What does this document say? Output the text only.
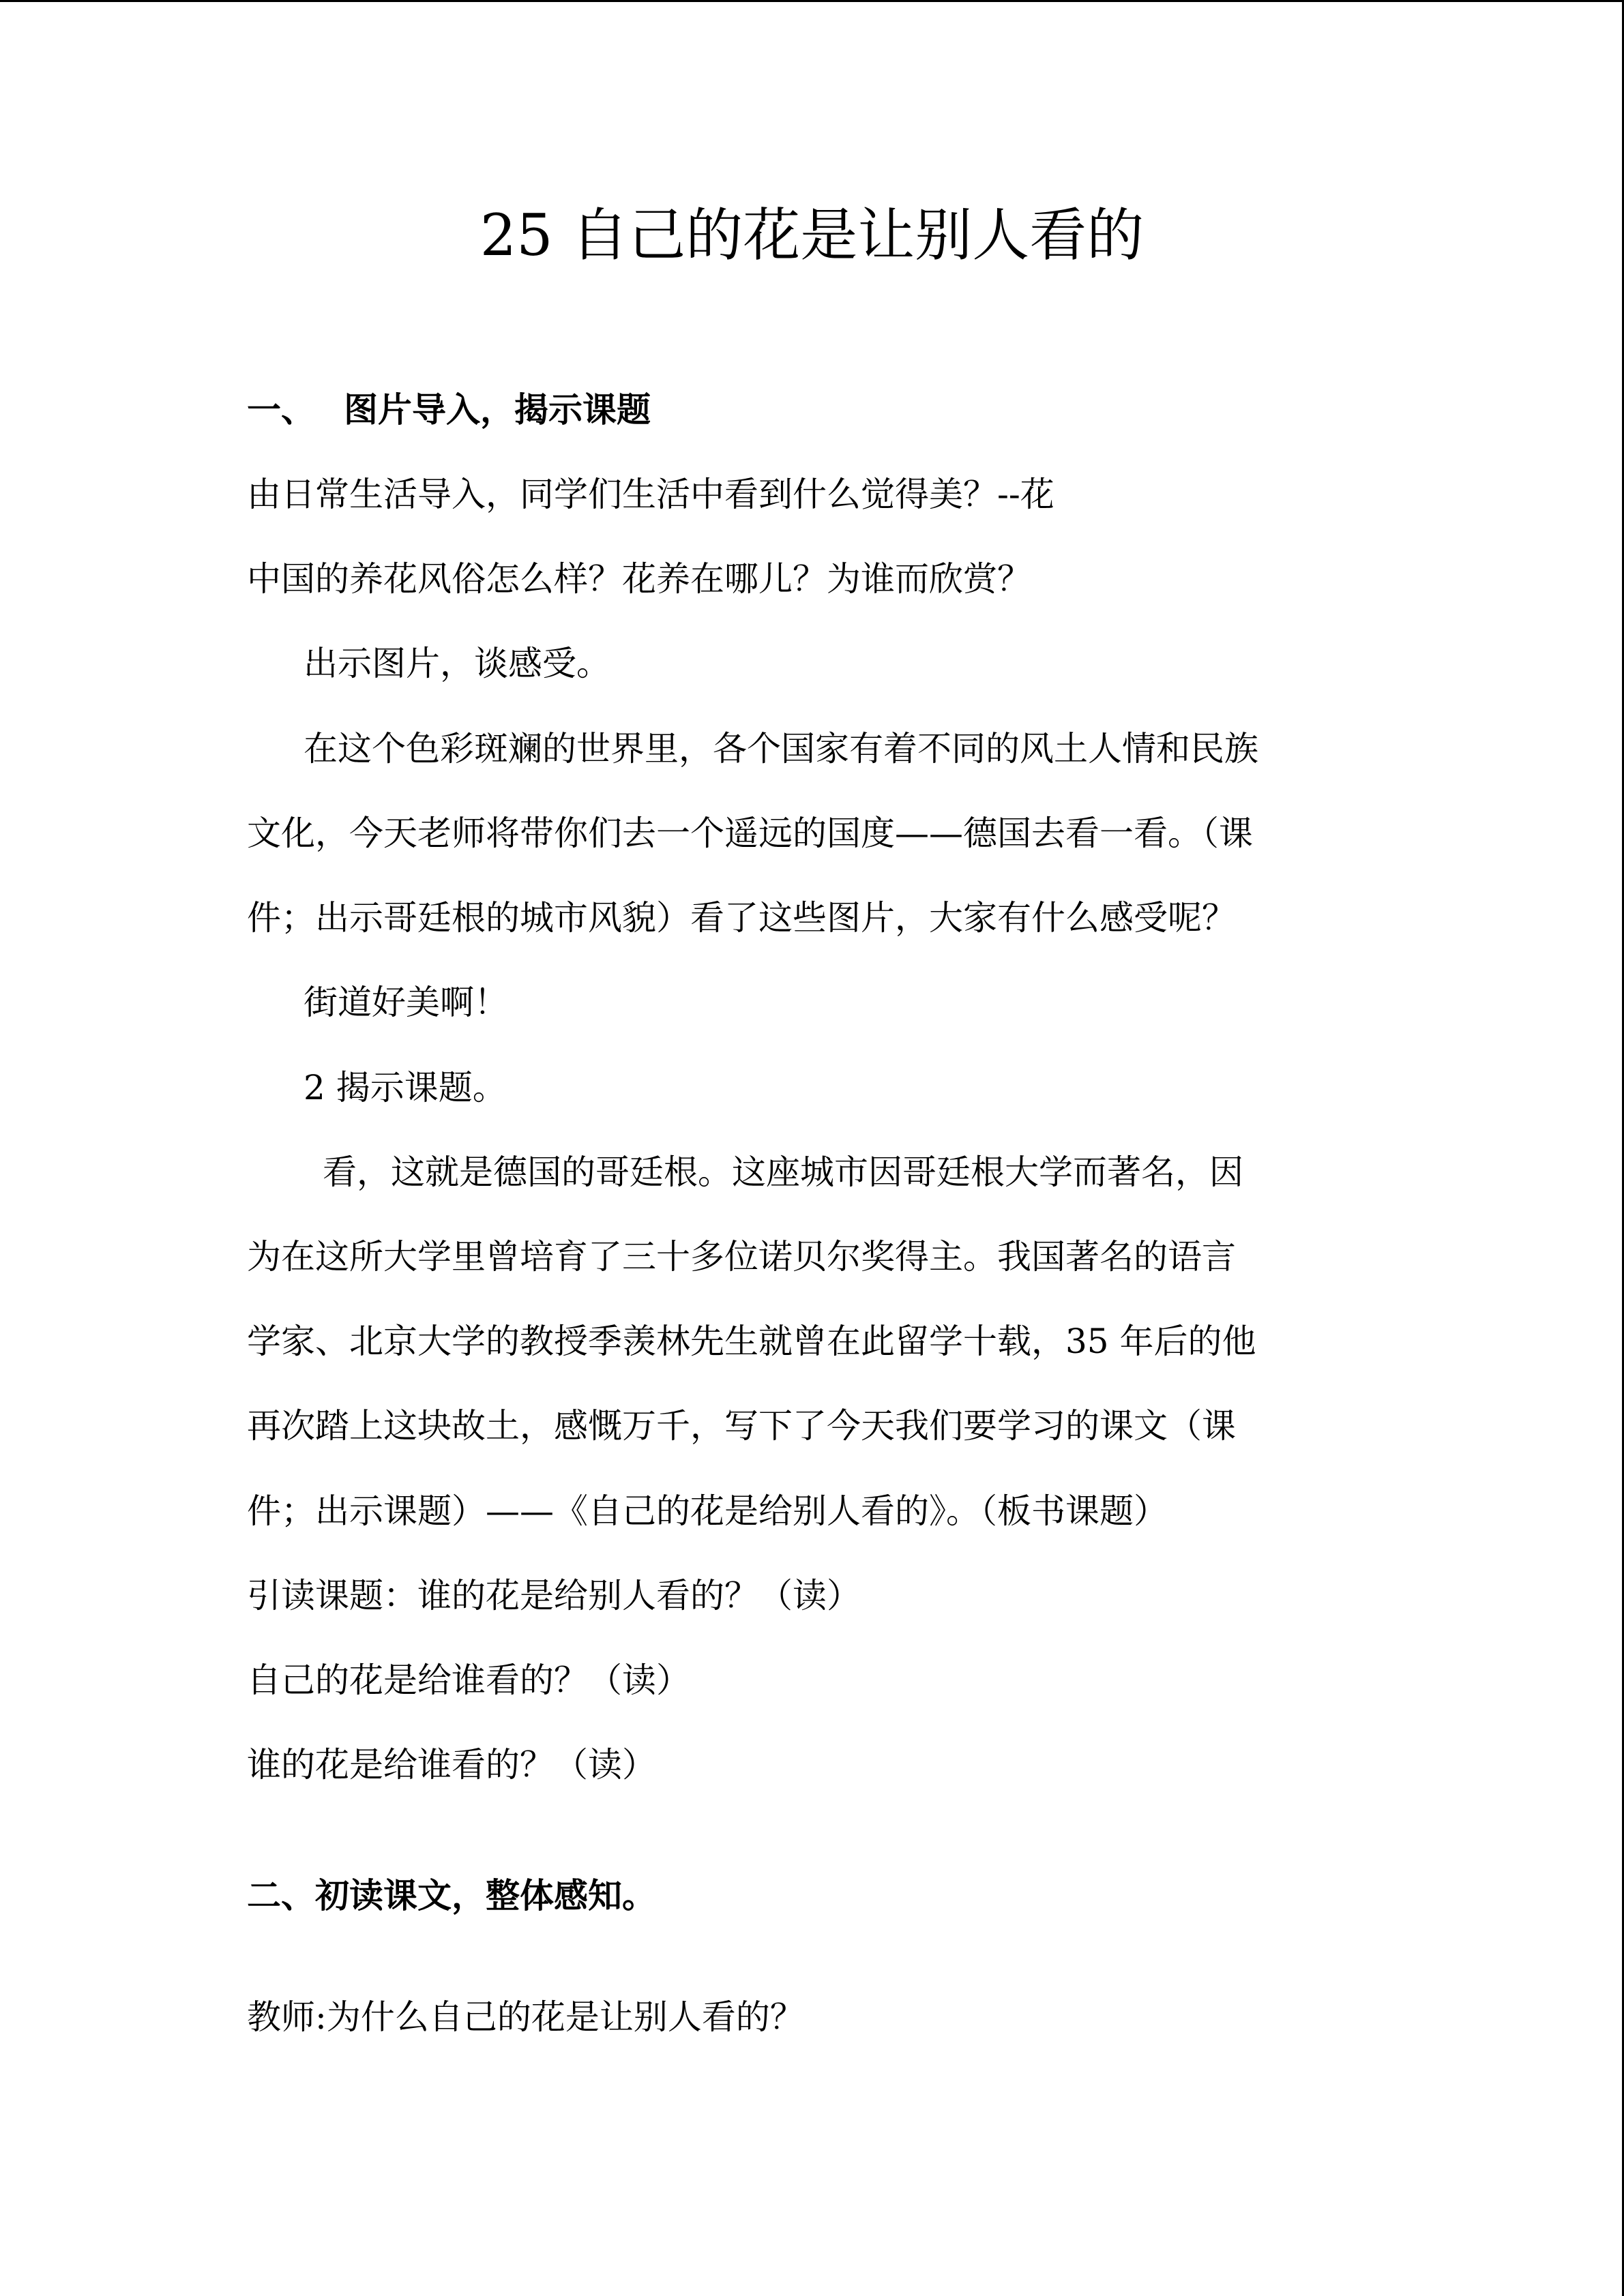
25 自己的花是让别人看的

一、 图片导入，揭示课题

由日常生活导入，同学们生活中看到什么觉得美？--花

中国的养花风俗怎么样？花养在哪儿？为谁而欣赏？

出示图片，谈感受。

在这个色彩斑斓的世界里，各个国家有着不同的风土人情和民族

文化，今天老师将带你们去一个遥远的国度——德国去看一看。（课

件；出示哥廷根的城市风貌）看了这些图片，大家有什么感受呢？

街道好美啊！

2 揭示课题。

看，这就是德国的哥廷根。这座城市因哥廷根大学而著名，因

为在这所大学里曾培育了三十多位诺贝尔奖得主。我国著名的语言

学家、北京大学的教授季羡林先生就曾在此留学十载，35 年后的他

再次踏上这块故土，感慨万千，写下了今天我们要学习的课文（课

件；出示课题）——《自己的花是给别人看的》。（板书课题）

引读课题：谁的花是给别人看的？（读）

自己的花是给谁看的？（读）

谁的花是给谁看的？（读）

二、初读课文，整体感知。

教师:为什么自己的花是让别人看的？
